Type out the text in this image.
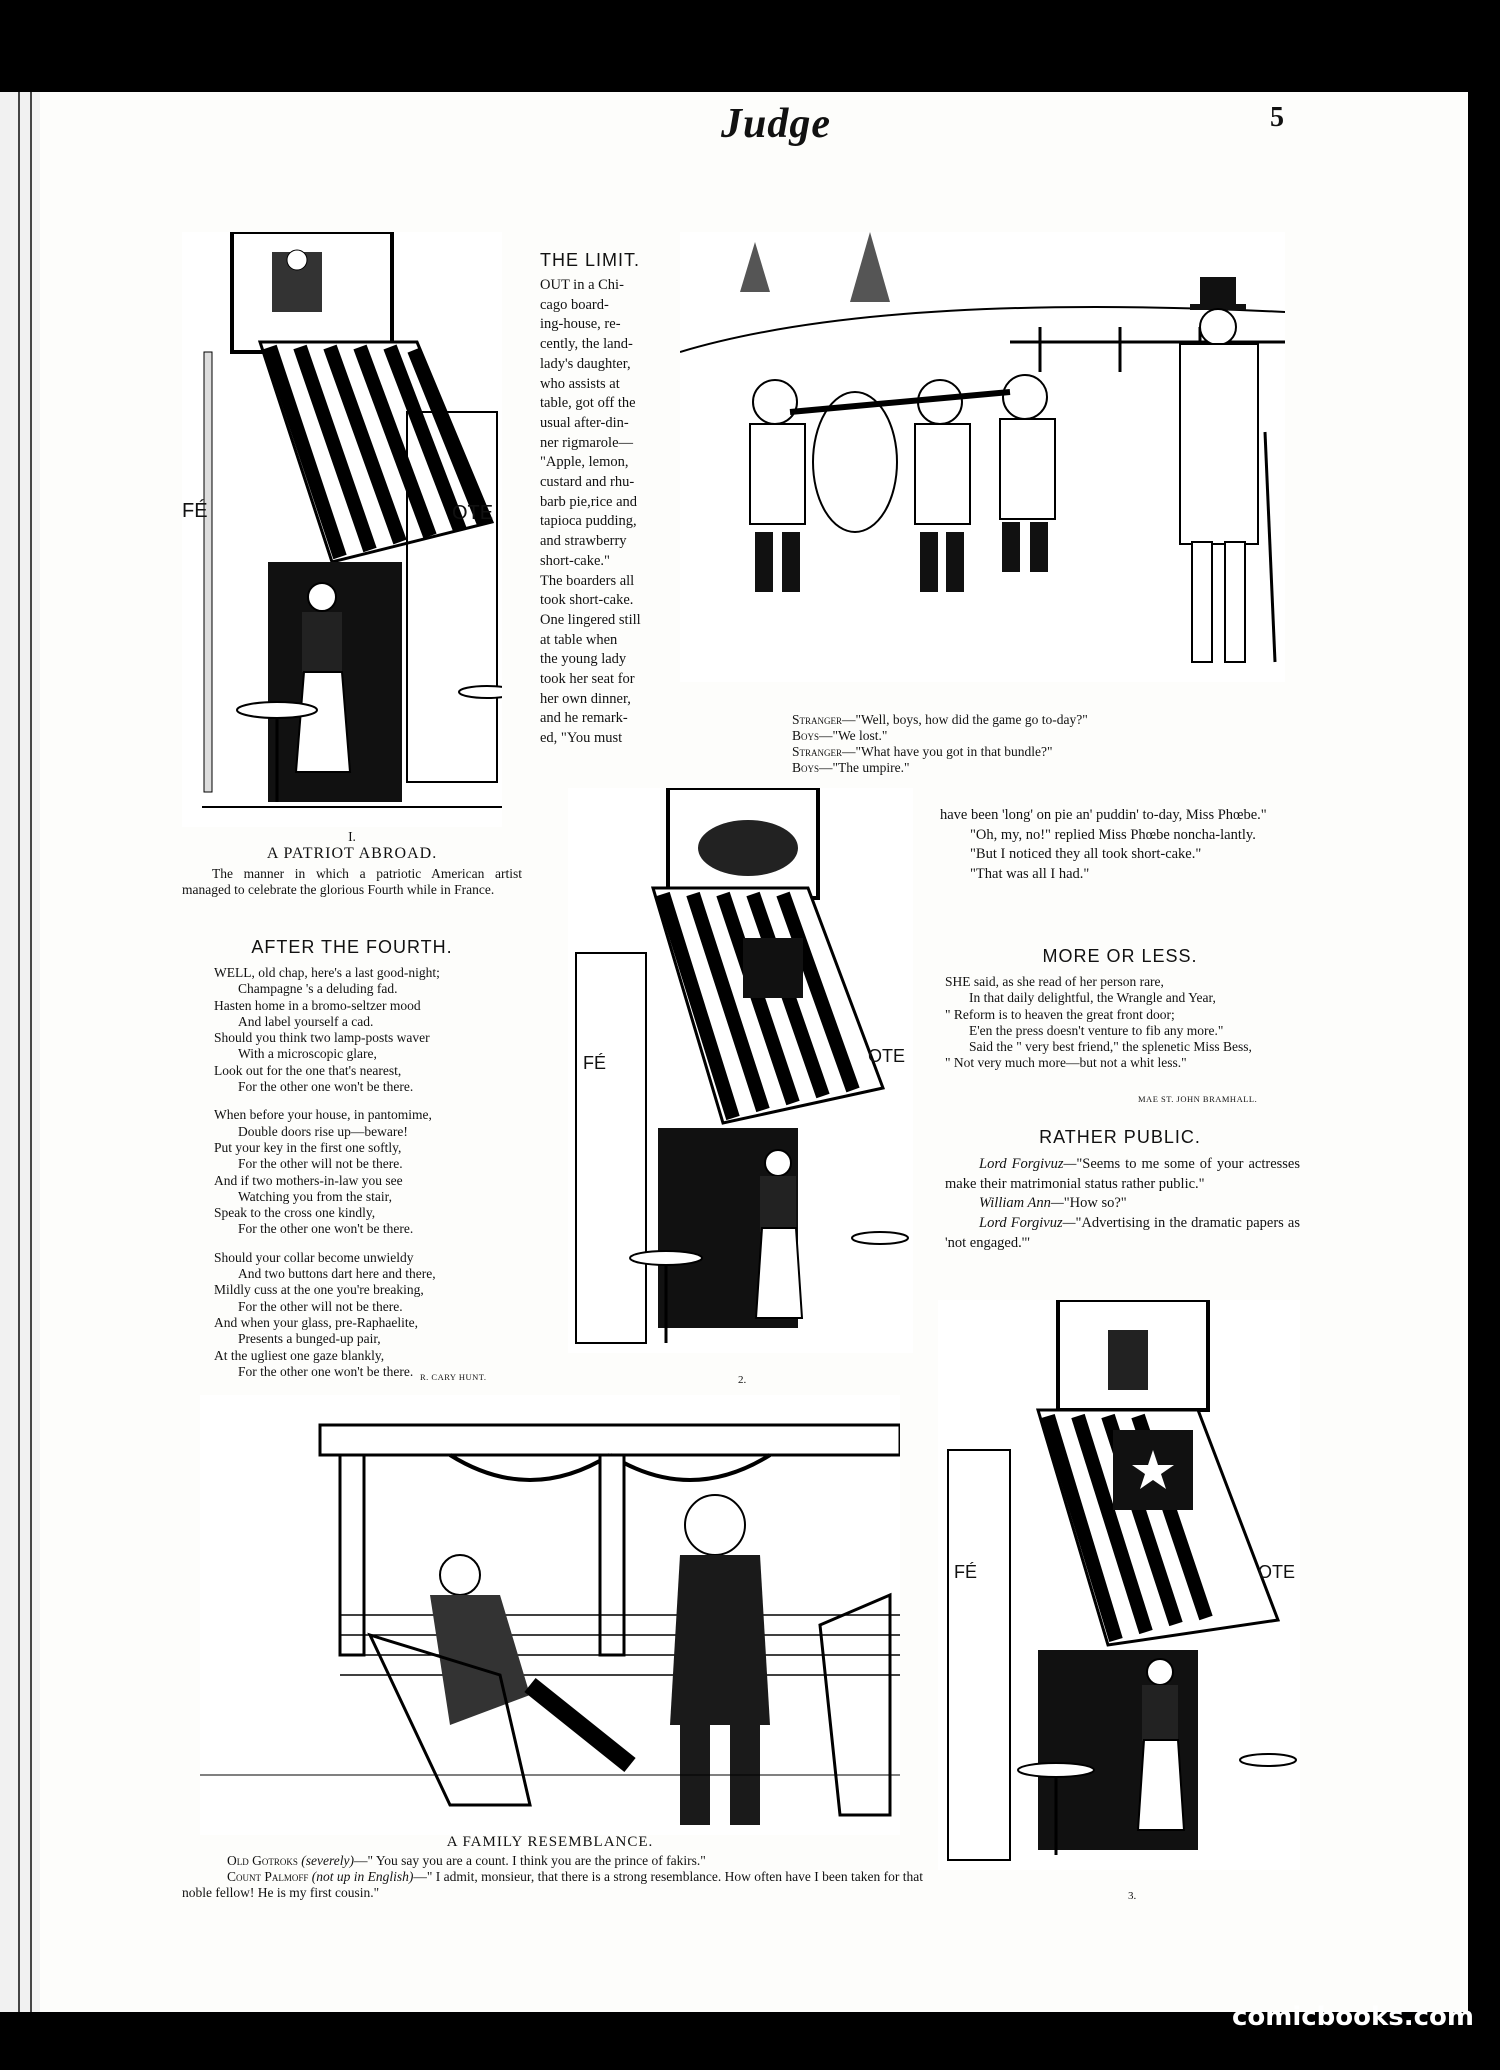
Judge	5
FÉ	OTE
I.
A PATRIOT ABROAD.

The manner in which a patriotic American artist managed to celebrate the glorious Fourth while in France.

AFTER THE FOURTH.
WELL, old chap, here's a last good-night;
Champagne 's a deluding fad.
Hasten home in a bromo-seltzer mood
And label yourself a cad.
Should you think two lamp-posts waver
With a microscopic glare,
Look out for the one that's nearest,
For the other one won't be there.
When before your house, in pantomime,
Double doors rise up—beware!
Put your key in the first one softly,
For the other will not be there.
And if two mothers-in-law you see
Watching you from the stair,
Speak to the cross one kindly,
For the other one won't be there.
Should your collar become unwieldy
And two buttons dart here and there,
Mildly cuss at the one you're breaking,
For the other will not be there.
And when your glass, pre-Raphaelite,
Presents a bunged-up pair,
At the ugliest one gaze blankly,
For the other one won't be there. R. CARY HUNT.
THE LIMIT.

OUT in a Chi-

cago board-

ing-house, re-

cently, the land-

lady's daughter,

who assists at

table, got off the

usual after-din-

ner rigmarole—

"Apple, lemon,

custard and rhu-

barb pie,rice and

tapioca pudding,

and strawberry

short-cake."

The boarders all

took short-cake.

One lingered still

at table when

the young lady

took her seat for

her own dinner,

and he remark-

ed, "You must

Stranger—"Well, boys, how did the game go to-day?"
Boys—"We lost."
Stranger—"What have you got in that bundle?"
Boys—"The umpire."
FÉ	OTE
2.

have been 'long' on pie an' puddin' to-day, Miss Phœbe."

"Oh, my, no!" replied Miss Phœbe noncha-lantly.

"But I noticed they all took short-cake."

"That was all I had."

MORE OR LESS.
SHE said, as she read of her person rare,
In that daily delightful, the Wrangle and Year,
" Reform is to heaven the great front door;
E'en the press doesn't venture to fib any more."
Said the " very best friend," the splenetic Miss Bess,
" Not very much more—but not a whit less."
MAE ST. JOHN BRAMHALL.
RATHER PUBLIC.

Lord Forgivuz—"Seems to me some of your actresses make their matrimonial status rather public."

William Ann—"How so?"

Lord Forgivuz—"Advertising in the dramatic papers as 'not engaged.'"

A FAMILY RESEMBLANCE.
Old Gotroks (severely)—" You say you are a count. I think you are the prince of fakirs."
Count Palmoff (not up in English)—" I admit, monsieur, that there is a strong resemblance. How often have I been taken for that noble fellow! He is my first cousin."
FÉ	OTE
3.
comicbooks.com
